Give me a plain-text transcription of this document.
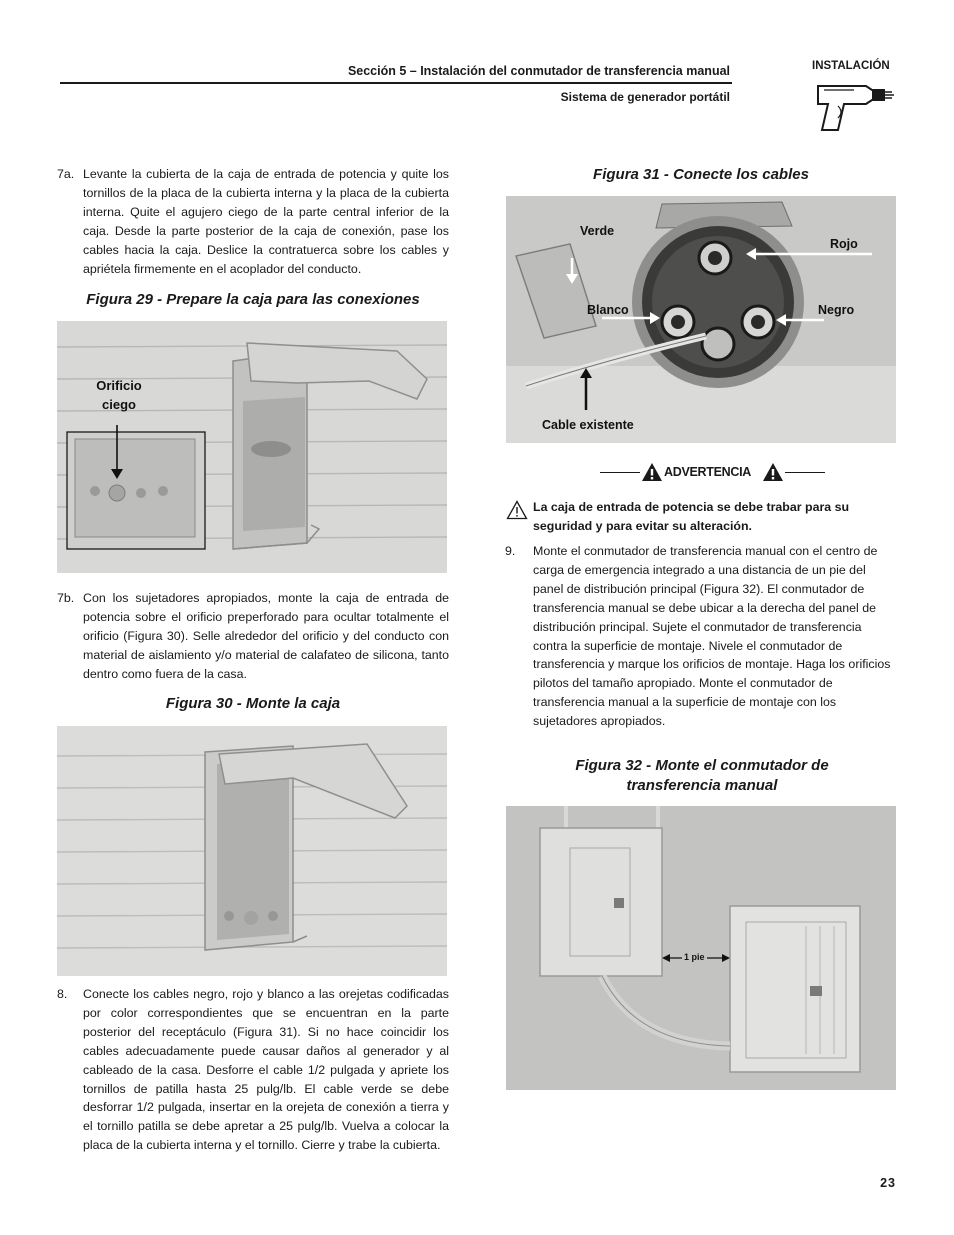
Sección 5 – Instalación del conmutador de transferencia manual
Sistema de generador portátil
INSTALACIÓN
7a. Levante la cubierta de la caja de entrada de potencia y quite los tornillos de la placa de la cubierta interna y la placa de la cubierta interna. Quite el agujero ciego de la parte central inferior de la caja. Desde la parte posterior de la caja de conexión, pase los cables hacia la caja. Deslice la contratuerca sobre los cables y apriétela firmemente en el acoplador del conducto.
Figura 29 - Prepare la caja para las conexiones
Orificio ciego
7b. Con los sujetadores apropiados, monte la caja de entrada de potencia sobre el orificio preperforado para ocultar totalmente el orificio (Figura 30). Selle alrededor del orificio y del conducto con material de aislamiento y/o material de calafateo de silicona, tanto dentro como fuera de la casa.
Figura 30 - Monte la caja
8. Conecte los cables negro, rojo y blanco a las orejetas codificadas por color correspondientes que se encuentran en la parte posterior del receptáculo (Figura 31). Si no hace coincidir los cables adecuadamente puede causar daños al generador y al cableado de la casa. Desforre el cable 1/2 pulgada y apriete los tornillos de patilla hasta 25 pulg/lb. El cable verde se debe desforrar 1/2 pulgada, insertar en la orejeta de conexión a tierra y el tornillo patilla se debe apretar a 25 pulg/lb. Vuelva a colocar la placa de la cubierta interna y el tornillo. Cierre y trabe la cubierta.
Figura 31 - Conecte los cables
Verde
Rojo
Blanco	Negro
Cable existente
ADVERTENCIA
La caja de entrada de potencia se debe trabar para su seguridad y para evitar su alteración.
9. Monte el conmutador de transferencia manual con el centro de carga de emergencia integrado a una distancia de un pie del panel de distribución principal (Figura 32). El conmutador de transferencia manual se debe ubicar a la derecha del panel de distribución principal. Sujete el conmutador de transferencia contra la superficie de montaje. Nivele el conmutador de transferencia y marque los orificios de montaje. Haga los orificios pilotos del tamaño apropiado. Monte el conmutador de transferencia manual a la superficie de montaje con los sujetadores apropiados.
Figura 32 - Monte el conmutador de
transferencia manual
1 pie
23
